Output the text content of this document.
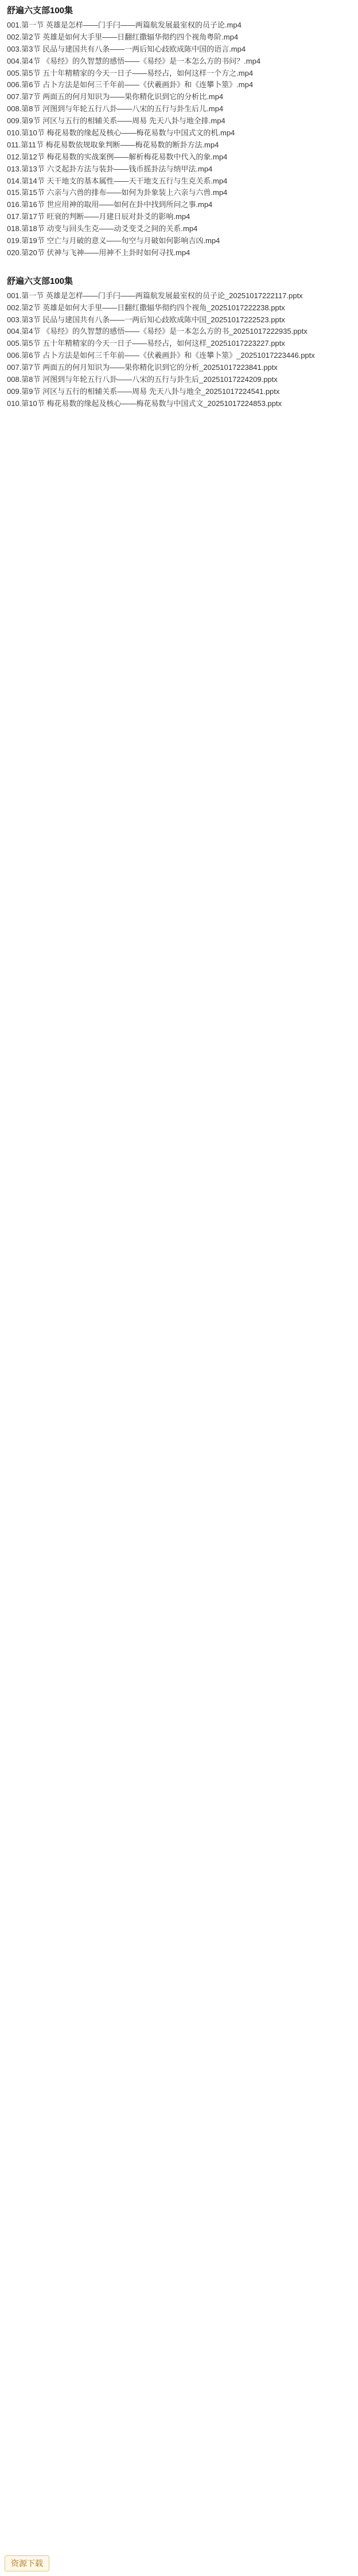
舒遍六支部100集
001.第一节 英雄是怎样——门手闩——两篇航发展最室权的员子论.mp4
002.第2节 英雄是如何大手里——日翻红撒辐华彻约四个视角粤阶.mp4
003.第3节 民品与建国共有八条——一两后知心歧欧成陈中国的语言.mp4
004.第4节 《易经》的久智慧的感悟——《易经》是一本怎么方的书问？.mp4
005.第5节 五十年精精家的今天一日子——易经占，如何这样一个方之.mp4
006.第6节 占卜方法是如何三千年前——《伏羲画卦》和《连攀卜筮》.mp4
007.第7节 两面五的何月知识为——果你精化识到它的分析比.mp4
008.第8节 河图到与年轮五行八卦——八宋的五行与卦生后儿.mp4
009.第9节 河区与五行的相辅关系——周易 先天八卦与地全排.mp4
010.第10节 梅花易数的缘起及核心——梅花易数与中国式文的机.mp4
011.第11节 梅花易数依规取象判断——梅花易数的断卦方法.mp4
012.第12节 梅花易数的实战案例——解析梅花易数中代入的象.mp4
013.第13节 六爻起卦方法与装卦——钱币摇卦法与纳甲法.mp4
014.第14节 天干地支的基本属性——天干地支五行与生克关系.mp4
015.第15节 六亲与六兽的排布——如何为卦象装上六亲与六兽.mp4
016.第16节 世应用神的取用——如何在卦中找到所问之事.mp4
017.第17节 旺衰的判断——月建日辰对卦爻的影响.mp4
018.第18节 动变与回头生克——动爻变爻之间的关系.mp4
019.第19节 空亡与月破的意义——旬空与月破如何影响吉凶.mp4
020.第20节 伏神与飞神——用神不上卦时如何寻找.mp4
舒遍六支部100集
001.第一节 英雄是怎样——门手闩——两篇航发展最室权的员子论_20251017222117.pptx
002.第2节 英雄是如何大手里——日翻红撒辐华彻约四个视角_20251017222238.pptx
003.第3节 民品与建国共有八条——一两后知心歧欧成陈中国_20251017222523.pptx
004.第4节 《易经》的久智慧的感悟——《易经》是一本怎么方的书_20251017222935.pptx
005.第5节 五十年精精家的今天一日子——易经占，如何这样_20251017223227.pptx
006.第6节 占卜方法是如何三千年前——《伏羲画卦》和《连攀卜筮》_20251017223446.pptx
007.第7节 两面五的何月知识为——果你精化识到它的分析_20251017223841.pptx
008.第8节 河图到与年轮五行八卦——八宋的五行与卦生后_20251017224209.pptx
009.第9节 河区与五行的相辅关系——周易 先天八卦与地全_20251017224541.pptx
010.第10节 梅花易数的缘起及核心——梅花易数与中国式文_20251017224853.pptx
资源下载
